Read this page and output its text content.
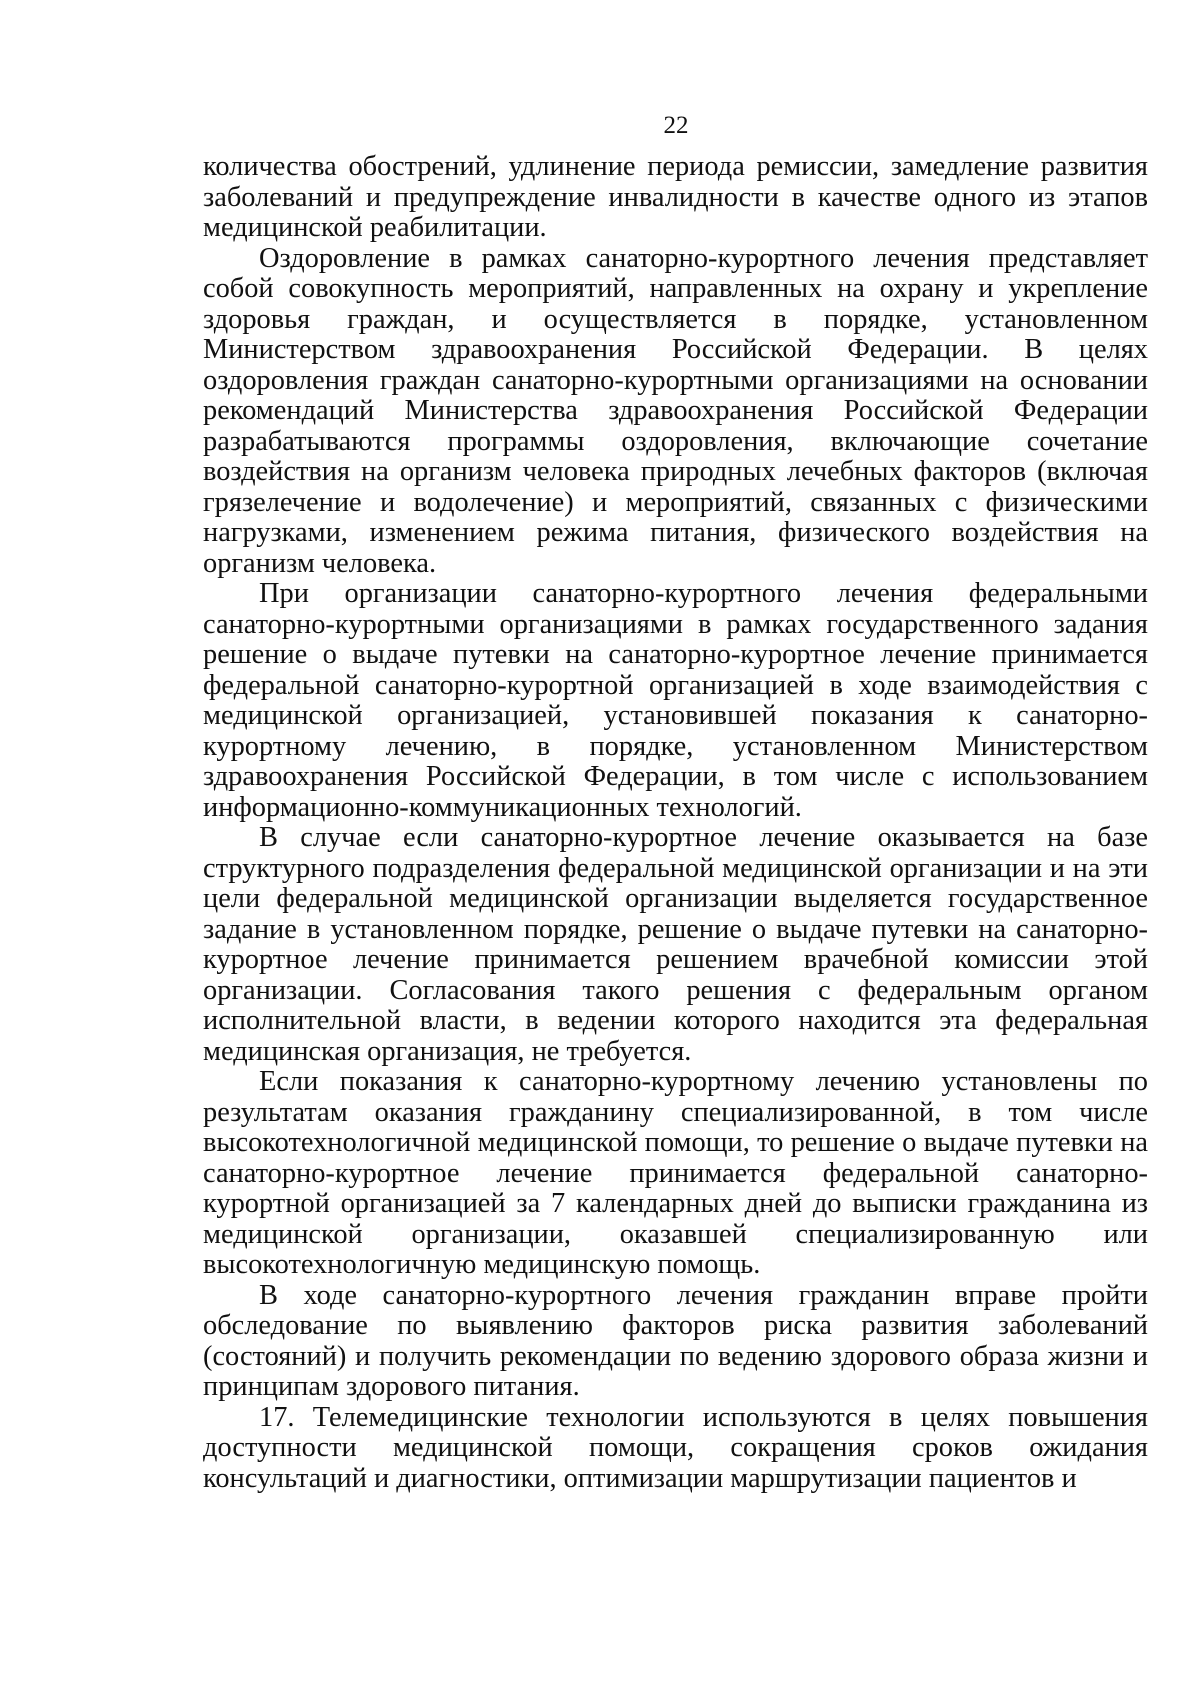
22

количества обострений, удлинение периода ремиссии, замедление развития заболеваний и предупреждение инвалидности в качестве одного из этапов медицинской реабилитации.

Оздоровление в рамках санаторно-курортного лечения представляет собой совокупность мероприятий, направленных на охрану и укрепление здоровья граждан, и осуществляется в порядке, установленном Министерством здравоохранения Российской Федерации. В целях оздоровления граждан санаторно-курортными организациями на основании рекомендаций Министерства здравоохранения Российской Федерации разрабатываются программы оздоровления, включающие сочетание воздействия на организм человека природных лечебных факторов (включая грязелечение и водолечение) и мероприятий, связанных с физическими нагрузками, изменением режима питания, физического воздействия на организм человека.

При организации санаторно-курортного лечения федеральными санаторно-курортными организациями в рамках государственного задания решение о выдаче путевки на санаторно-курортное лечение принимается федеральной санаторно-курортной организацией в ходе взаимодействия с медицинской организацией, установившей показания к санаторно-курортному лечению, в порядке, установленном Министерством здравоохранения Российской Федерации, в том числе с использованием информационно-коммуникационных технологий.

В случае если санаторно-курортное лечение оказывается на базе структурного подразделения федеральной медицинской организации и на эти цели федеральной медицинской организации выделяется государственное задание в установленном порядке, решение о выдаче путевки на санаторно-курортное лечение принимается решением врачебной комиссии этой организации. Согласования такого решения с федеральным органом исполнительной власти, в ведении которого находится эта федеральная медицинская организация, не требуется.

Если показания к санаторно-курортному лечению установлены по результатам оказания гражданину специализированной, в том числе высокотехнологичной медицинской помощи, то решение о выдаче путевки на санаторно-курортное лечение принимается федеральной санаторно-курортной организацией за 7 календарных дней до выписки гражданина из медицинской организации, оказавшей специализированную или высокотехнологичную медицинскую помощь.

В ходе санаторно-курортного лечения гражданин вправе пройти обследование по выявлению факторов риска развития заболеваний (состояний) и получить рекомендации по ведению здорового образа жизни и принципам здорового питания.

17. Телемедицинские технологии используются в целях повышения доступности медицинской помощи, сокращения сроков ожидания консультаций и диагностики, оптимизации маршрутизации пациентов и
